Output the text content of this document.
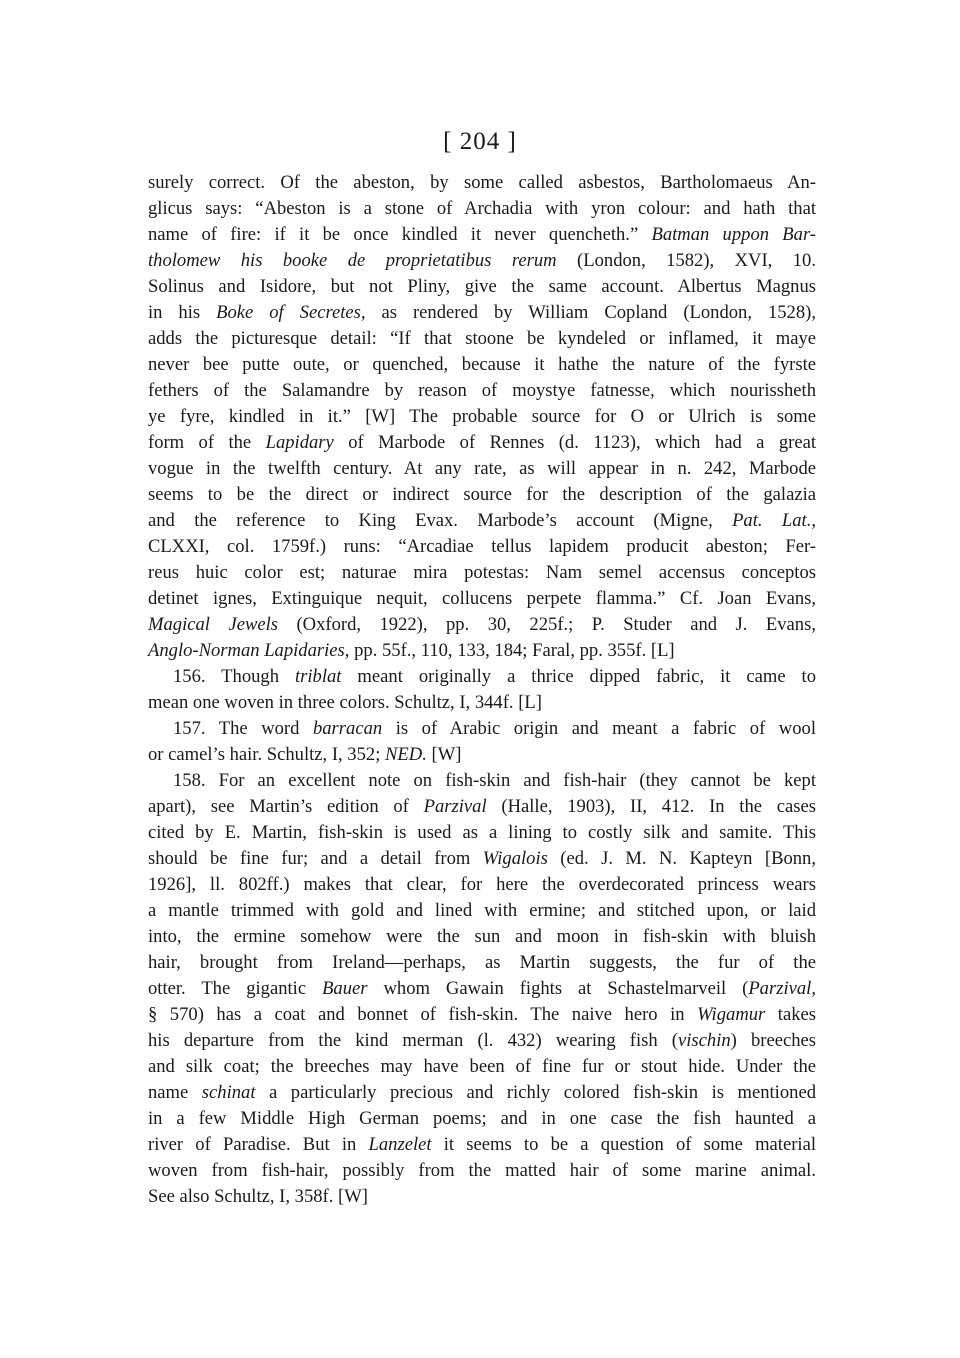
[ 204 ]
surely correct. Of the abeston, by some called asbestos, Bartholomaeus An-
glicus says: “Abeston is a stone of Archadia with yron colour: and hath that
name of fire: if it be once kindled it never quencheth.” Batman uppon Bar-
tholomew his booke de proprietatibus rerum (London, 1582), XVI, 10.
Solinus and Isidore, but not Pliny, give the same account. Albertus Magnus
in his Boke of Secretes, as rendered by William Copland (London, 1528),
adds the picturesque detail: “If that stoone be kyndeled or inflamed, it maye
never bee putte oute, or quenched, because it hathe the nature of the fyrste
fethers of the Salamandre by reason of moystye fatnesse, which nourissheth
ye fyre, kindled in it.” [W] The probable source for O or Ulrich is some
form of the Lapidary of Marbode of Rennes (d. 1123), which had a great
vogue in the twelfth century. At any rate, as will appear in n. 242, Marbode
seems to be the direct or indirect source for the description of the galazia
and the reference to King Evax. Marbode’s account (Migne, Pat. Lat.,
CLXXI, col. 1759f.) runs: “Arcadiae tellus lapidem producit abeston; Fer-
reus huic color est; naturae mira potestas: Nam semel accensus conceptos
detinet ignes, Extinguique nequit, collucens perpete flamma.” Cf. Joan Evans,
Magical Jewels (Oxford, 1922), pp. 30, 225f.; P. Studer and J. Evans,
Anglo-Norman Lapidaries, pp. 55f., 110, 133, 184; Faral, pp. 355f. [L]
156. Though triblat meant originally a thrice dipped fabric, it came to
mean one woven in three colors. Schultz, I, 344f. [L]
157. The word barracan is of Arabic origin and meant a fabric of wool
or camel’s hair. Schultz, I, 352; NED. [W]
158. For an excellent note on fish-skin and fish-hair (they cannot be kept
apart), see Martin’s edition of Parzival (Halle, 1903), II, 412. In the cases
cited by E. Martin, fish-skin is used as a lining to costly silk and samite. This
should be fine fur; and a detail from Wigalois (ed. J. M. N. Kapteyn [Bonn,
1926], ll. 802ff.) makes that clear, for here the overdecorated princess wears
a mantle trimmed with gold and lined with ermine; and stitched upon, or laid
into, the ermine somehow were the sun and moon in fish-skin with bluish
hair, brought from Ireland—perhaps, as Martin suggests, the fur of the
otter. The gigantic Bauer whom Gawain fights at Schastelmarveil (Parzival,
§ 570) has a coat and bonnet of fish-skin. The naive hero in Wigamur takes
his departure from the kind merman (l. 432) wearing fish (vischin) breeches
and silk coat; the breeches may have been of fine fur or stout hide. Under the
name schinat a particularly precious and richly colored fish-skin is mentioned
in a few Middle High German poems; and in one case the fish haunted a
river of Paradise. But in Lanzelet it seems to be a question of some material
woven from fish-hair, possibly from the matted hair of some marine animal.
See also Schultz, I, 358f. [W]
